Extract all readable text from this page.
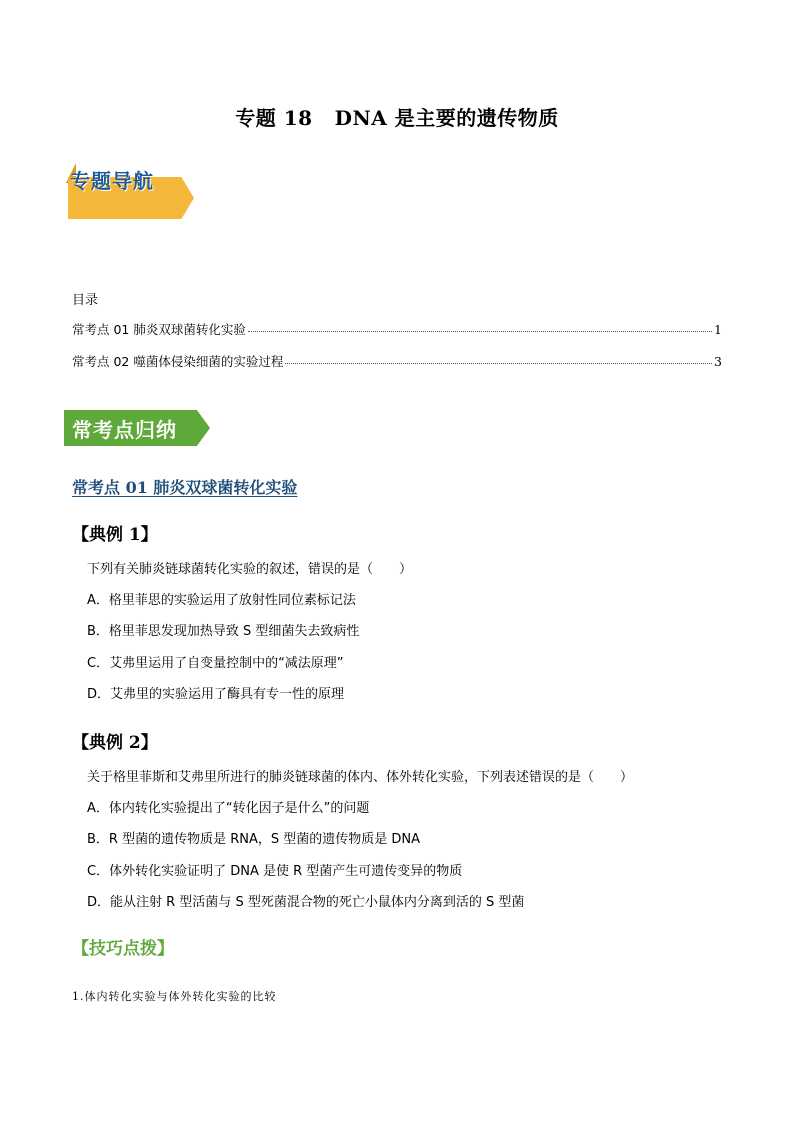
专题 18 DNA 是主要的遗传物质
专题导航
目录
常考点 01 肺炎双球菌转化实验	1
常考点 02 噬菌体侵染细菌的实验过程	3
常考点归纳
常考点 01 肺炎双球菌转化实验
【典例 1】
下列有关肺炎链球菌转化实验的叙述，错误的是（　　）
A．格里菲思的实验运用了放射性同位素标记法
B．格里菲思发现加热导致 S 型细菌失去致病性
C．艾弗里运用了自变量控制中的“减法原理”
D．艾弗里的实验运用了酶具有专一性的原理
【典例 2】
关于格里菲斯和艾弗里所进行的肺炎链球菌的体内、体外转化实验，下列表述错误的是（　　）
A．体内转化实验提出了“转化因子是什么”的问题
B．R 型菌的遗传物质是 RNA，S 型菌的遗传物质是 DNA
C．体外转化实验证明了 DNA 是使 R 型菌产生可遗传变异的物质
D．能从注射 R 型活菌与 S 型死菌混合物的死亡小鼠体内分离到活的 S 型菌
【技巧点拨】
1.体内转化实验与体外转化实验的比较
